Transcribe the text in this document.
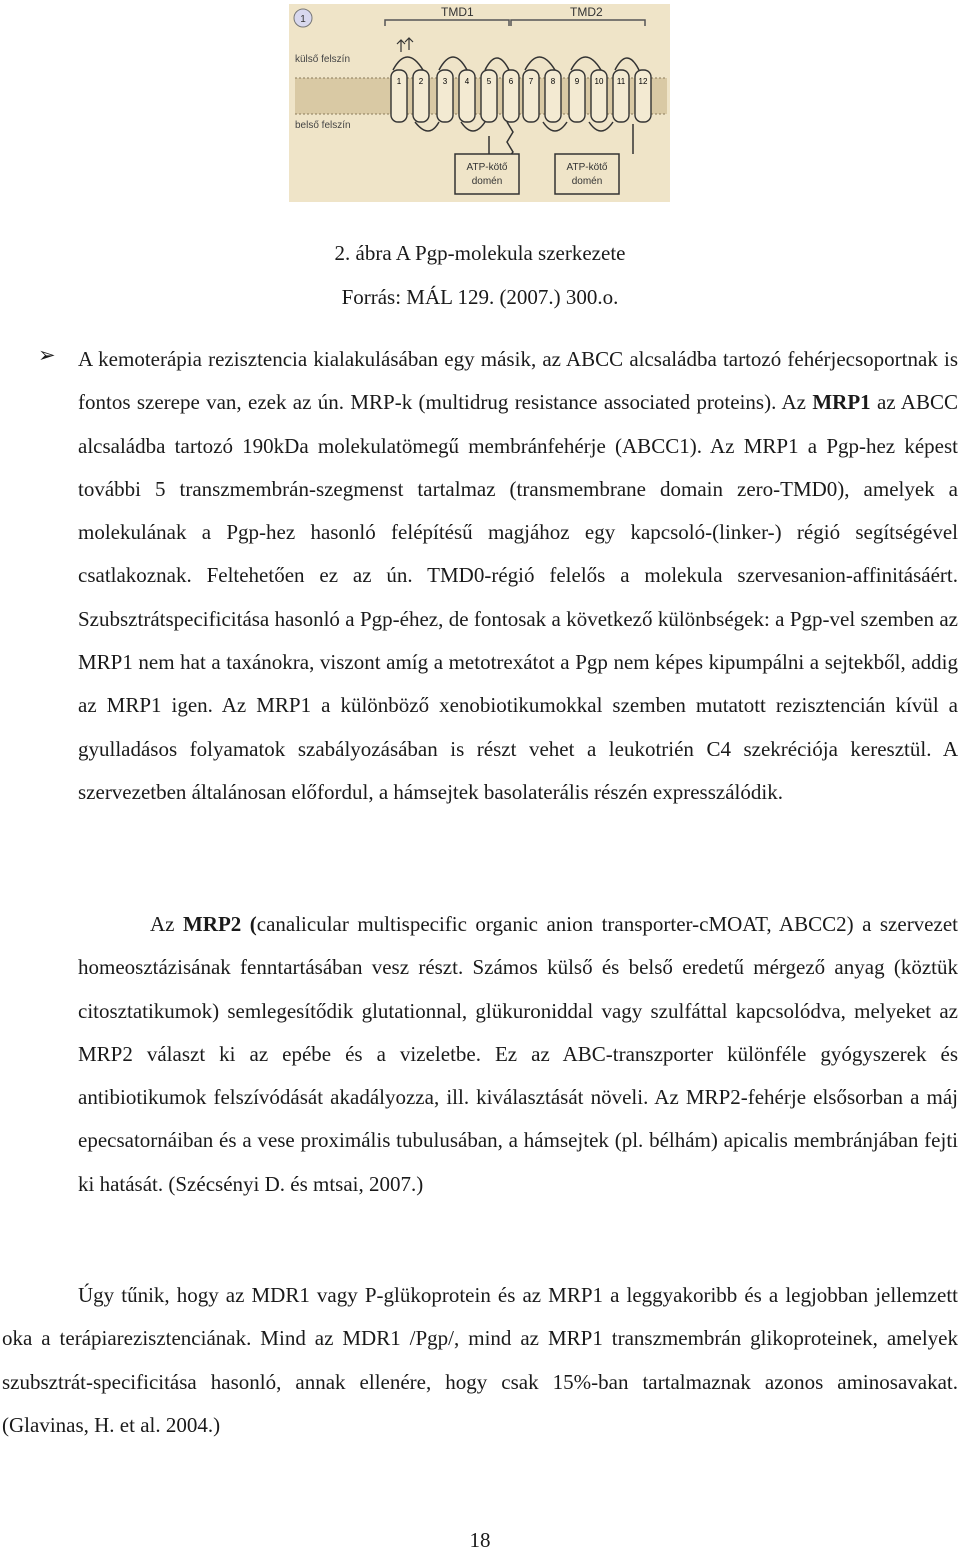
1
TMD1	TMD2
külső felszín
belső felszín
1 2 3 4 5 6 7 8 9 10 11 12
ATP-kötő
domén
ATP-kötő
domén
2. ábra A Pgp-molekula szerkezete
Forrás: MÁL 129. (2007.) 300.o.
➢ A kemoterápia rezisztencia kialakulásában egy másik, az ABCC alcsaládba tartozó fehérjecsoportnak is fontos szerepe van, ezek az ún. MRP-k (multidrug resistance associated proteins). Az MRP1 az ABCC alcsaládba tartozó 190kDa molekulatömegű membránfehérje (ABCC1). Az MRP1 a Pgp-hez képest további 5 transzmembrán-szegmenst tartalmaz (transmembrane domain zero-TMD0), amelyek a molekulának a Pgp-hez hasonló felépítésű magjához egy kapcsoló-(linker-) régió segítségével csatlakoznak. Feltehetően ez az ún. TMD0-régió felelős a molekula szervesanion-affinitásáért. Szubsztrátspecificitása hasonló a Pgp-éhez, de fontosak a következő különbségek: a Pgp-vel szemben az MRP1 nem hat a taxánokra, viszont amíg a metotrexátot a Pgp nem képes kipumpálni a sejtekből, addig az MRP1 igen. Az MRP1 a különböző xenobiotikumokkal szemben mutatott rezisztencián kívül a gyulladásos folyamatok szabályozásában is részt vehet a leukotrién C4 szekréciója keresztül. A szervezetben általánosan előfordul, a hámsejtek basolaterális részén expresszálódik.

Az MRP2 (canalicular multispecific organic anion transporter-cMOAT, ABCC2) a szervezet homeosztázisának fenntartásában vesz részt. Számos külső és belső eredetű mérgező anyag (köztük citosztatikumok) semlegesítődik glutationnal, glükuroniddal vagy szulfáttal kapcsolódva, melyeket az MRP2 választ ki az epébe és a vizeletbe. Ez az ABC-transzporter különféle gyógyszerek és antibiotikumok felszívódását akadályozza, ill. kiválasztását növeli. Az MRP2-fehérje elsősorban a máj epecsatornáiban és a vese proximális tubulusában, a hámsejtek (pl. bélhám) apicalis membránjában fejti ki hatását. (Szécsényi D. és mtsai, 2007.)

Úgy tűnik, hogy az MDR1 vagy P-glükoprotein és az MRP1 a leggyakoribb és a legjobban jellemzett oka a terápiarezisztenciának. Mind az MDR1 /Pgp/, mind az MRP1 transzmembrán glikoproteinek, amelyek szubsztrát-specificitása hasonló, annak ellenére, hogy csak 15%-ban tartalmaznak azonos aminosavakat. (Glavinas, H. et al. 2004.)

18
